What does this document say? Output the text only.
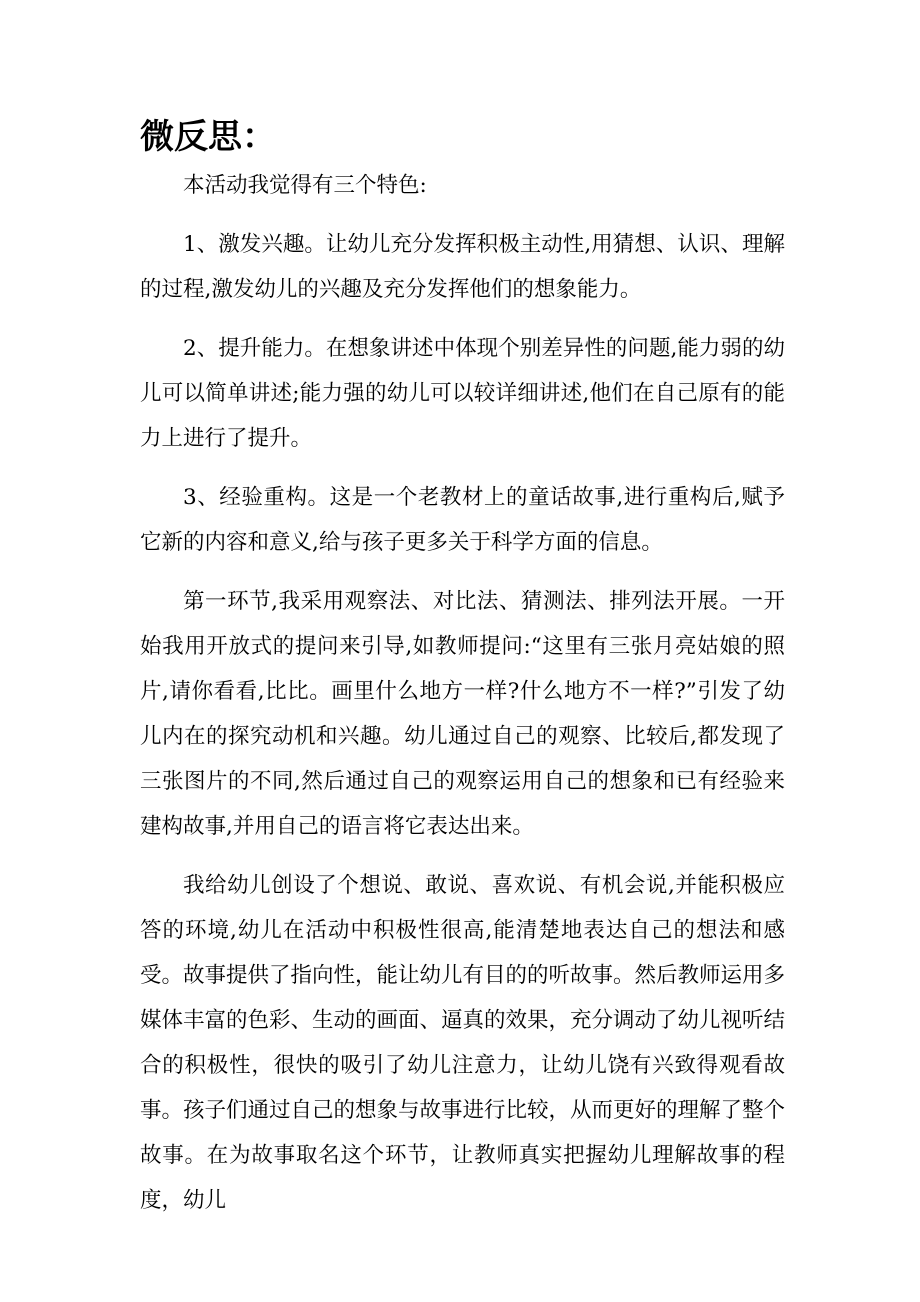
微反思：

本活动我觉得有三个特色:

1、激发兴趣。让幼儿充分发挥积极主动性,用猜想、认识、理解的过程,激发幼儿的兴趣及充分发挥他们的想象能力。

2、提升能力。在想象讲述中体现个别差异性的问题,能力弱的幼儿可以简单讲述;能力强的幼儿可以较详细讲述,他们在自己原有的能力上进行了提升。

3、经验重构。这是一个老教材上的童话故事,进行重构后,赋予它新的内容和意义,给与孩子更多关于科学方面的信息。

第一环节,我采用观察法、对比法、猜测法、排列法开展。一开始我用开放式的提问来引导,如教师提问:“这里有三张月亮姑娘的照片,请你看看,比比。画里什么地方一样?什么地方不一样?”引发了幼儿内在的探究动机和兴趣。幼儿通过自己的观察、比较后,都发现了三张图片的不同,然后通过自己的观察运用自己的想象和已有经验来建构故事,并用自己的语言将它表达出来。

我给幼儿创设了个想说、敢说、喜欢说、有机会说,并能积极应答的环境,幼儿在活动中积极性很高,能清楚地表达自己的想法和感受。故事提供了指向性，能让幼儿有目的的听故事。然后教师运用多媒体丰富的色彩、生动的画面、逼真的效果，充分调动了幼儿视听结合的积极性，很快的吸引了幼儿注意力，让幼儿饶有兴致得观看故事。孩子们通过自己的想象与故事进行比较，从而更好的理解了整个故事。在为故事取名这个环节，让教师真实把握幼儿理解故事的程度，幼儿
